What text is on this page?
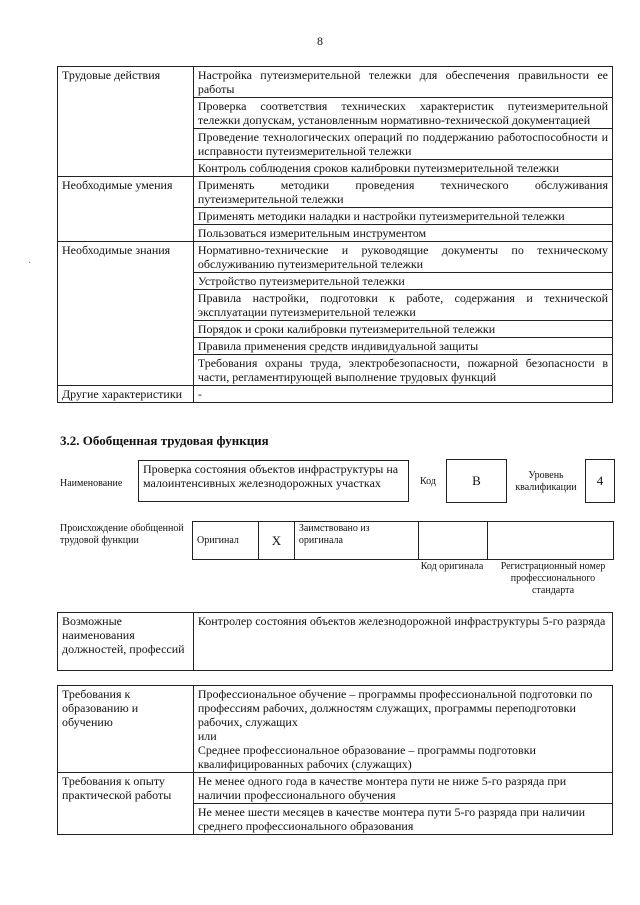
8
·
Трудовые действия	Настройка путеизмерительной тележки для обеспечения правильности ее работы
	Проверка соответствия технических характеристик путеизмерительной тележки допускам, установленным нормативно-технической документацией
	Проведение технологических операций по поддержанию работоспособности и исправности путеизмерительной тележки
	Контроль соблюдения сроков калибровки путеизмерительной тележки
Необходимые умения	Применять методики проведения технического обслуживания путеизмерительной тележки
	Применять методики наладки и настройки путеизмерительной тележки
	Пользоваться измерительным инструментом
Необходимые знания	Нормативно-технические и руководящие документы по техническому обслуживанию путеизмерительной тележки
	Устройство путеизмерительной тележки
	Правила настройки, подготовки к работе, содержания и технической эксплуатации путеизмерительной тележки
	Порядок и сроки калибровки путеизмерительной тележки
	Правила применения средств индивидуальной защиты
	Требования охраны труда, электробезопасности, пожарной безопасности в части, регламентирующей выполнение трудовых функций
Другие характеристики	-
3.2. Обобщенная трудовая функция
Наименование
Проверка состояния объектов инфраструктуры на малоинтенсивных железнодорожных участках	Код	В	Уровень квалификации	4
Происхождение обобщенной трудовой функции	Оригинал	X	Заимствовано из оригинала		
Код оригинала	Регистрационный номер профессионального стандарта
Возможные наименования должностей, профессий	Контролер состояния объектов железнодорожной инфраструктуры 5-го разряда
Требования к образованию и обучению	Профессиональное обучение – программы профессиональной подготовки по профессиям рабочих, должностям служащих, программы переподготовки рабочих, служащих
или
Среднее профессиональное образование – программы подготовки квалифицированных рабочих (служащих)

Требования к опыту практической работы	Не менее одного года в качестве монтера пути не ниже 5-го разряда при наличии профессионального обучения
Не менее шести месяцев в качестве монтера пути 5-го разряда при наличии среднего профессионального образования
